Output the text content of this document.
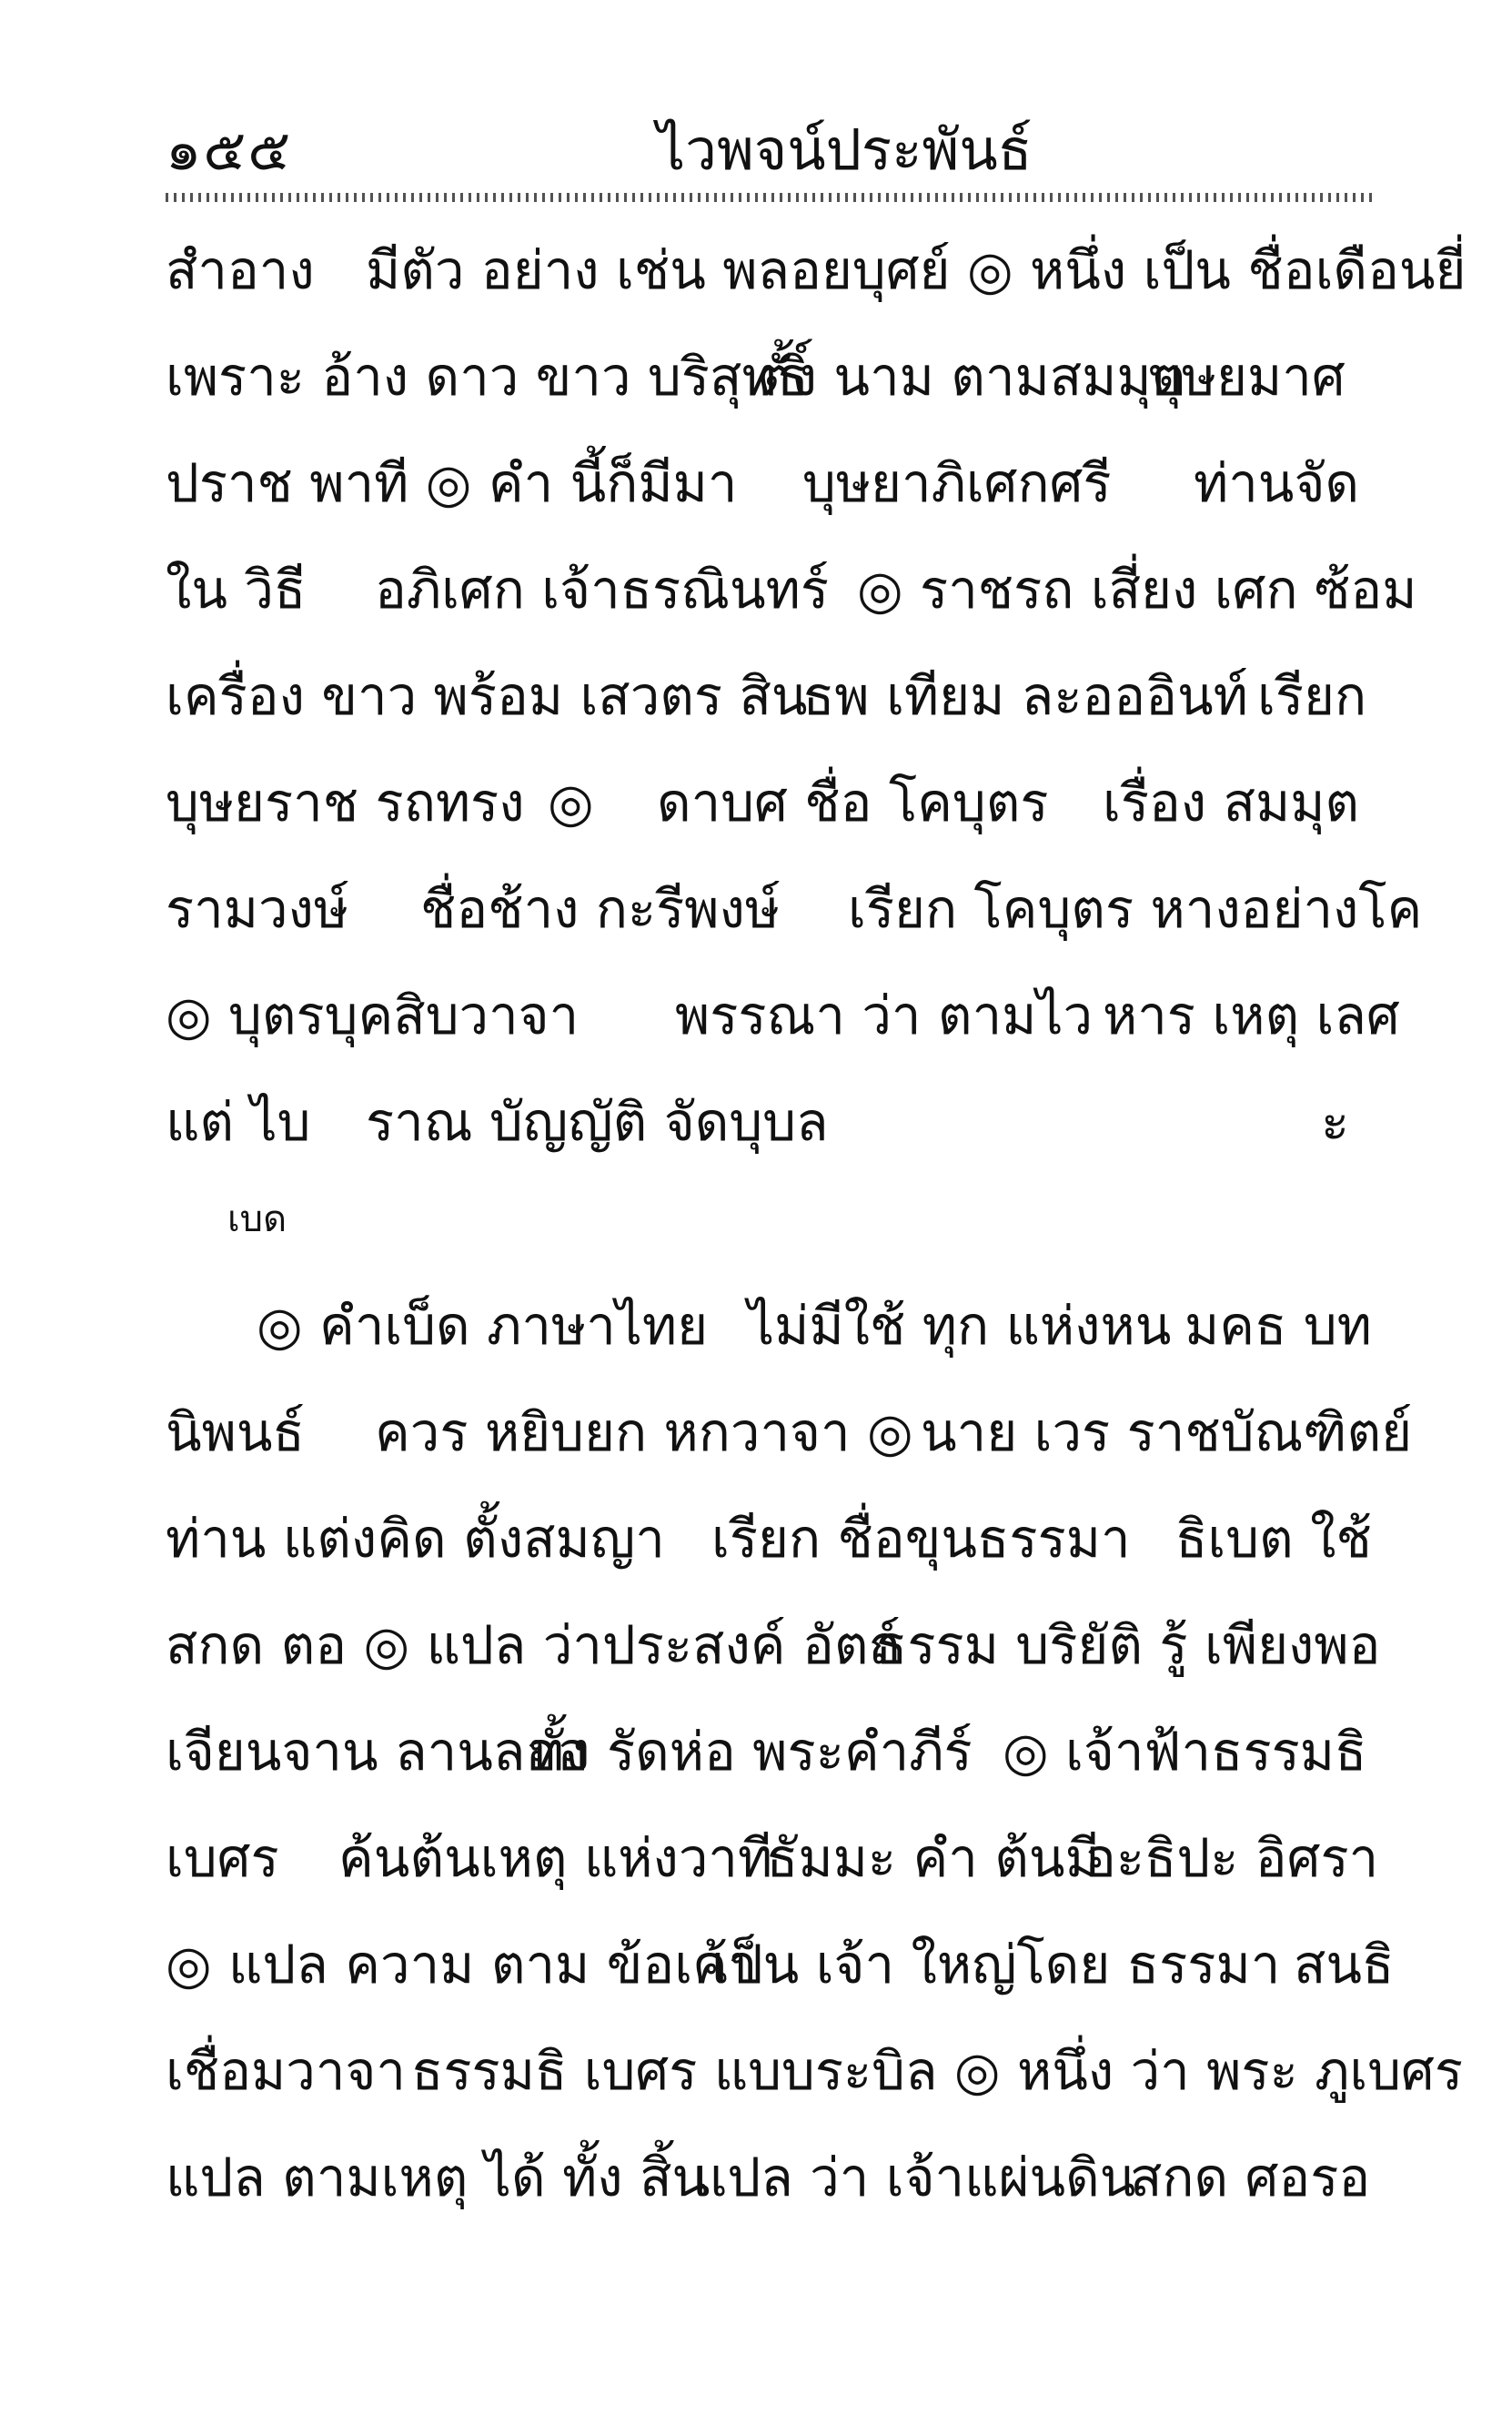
๑๕๕	ไวพจน์ประพันธ์
สำอาง มีตัว อย่าง เช่น พลอยบุศย์ ◎ หนึ่ง เป็น ชื่อเดือนยี่
เพราะ อ้าง ดาว ขาว บริสุทธิ์
ตั้ง นาม ตามสมมุต
บุษยมาศ
ปราช พาที ◎ คำ นี้ก็มีมา บุษยาภิเศกศรี ท่านจัด
ใน วิธี อภิเศก เจ้าธรณินทร์ ◎ ราชรถ เสี่ยง เศก ซ้อม
เครื่อง ขาว พร้อม เสวตร สิน
ธพ เทียม ละอออินท์ เรียก
บุษยราช รถทรง ◎ ดาบศ ชื่อ โคบุตร เรื่อง สมมุต
รามวงษ์ ชื่อช้าง กะรีพงษ์ เรียก โคบุตร หางอย่างโค
◎ บุตรบุคสิบวาจา พรรณา ว่า ตามไว หาร เหตุ เลศ
แต่ ไบ ราณ บัญญัติ จัดบุบล	ะ
เบด
◎ คำเบ็ด ภาษาไทย ไม่มีใช้ ทุก แห่งหน มคธ บท
นิพนธ์ ควร หยิบยก หกวาจา ◎ นาย เวร ราชบัณฑิตย์
ท่าน แต่งคิด ตั้งสมญา เรียก ชื่อขุนธรรมา ธิเบต ใช้
สกด ตอ ◎ แปล ว่าประสงค์ อัตถ์
ธรรม บริยัติ รู้ เพียงพอ
เจียนจาน ลานลออ
ทั้ง รัดห่อ พระคำภีร์ ◎ เจ้าฟ้าธรรมธิ
เบศร ค้นต้นเหตุ แห่งวาที
ธัมมะ คำ ต้นมี
อะธิปะ อิศรา
◎ แปล ความ ตาม ข้อเค้า
เป็น เจ้า ใหญ่โดย ธรรมา สนธิ
เชื่อมวาจา ธรรมธิ เบศร แบบระบิล ◎ หนึ่ง ว่า พระ ภูเบศร
แปล ตามเหตุ ได้ ทั้ง สิ้น
แปล ว่า เจ้าแผ่นดิน
สกด ศอรอ
